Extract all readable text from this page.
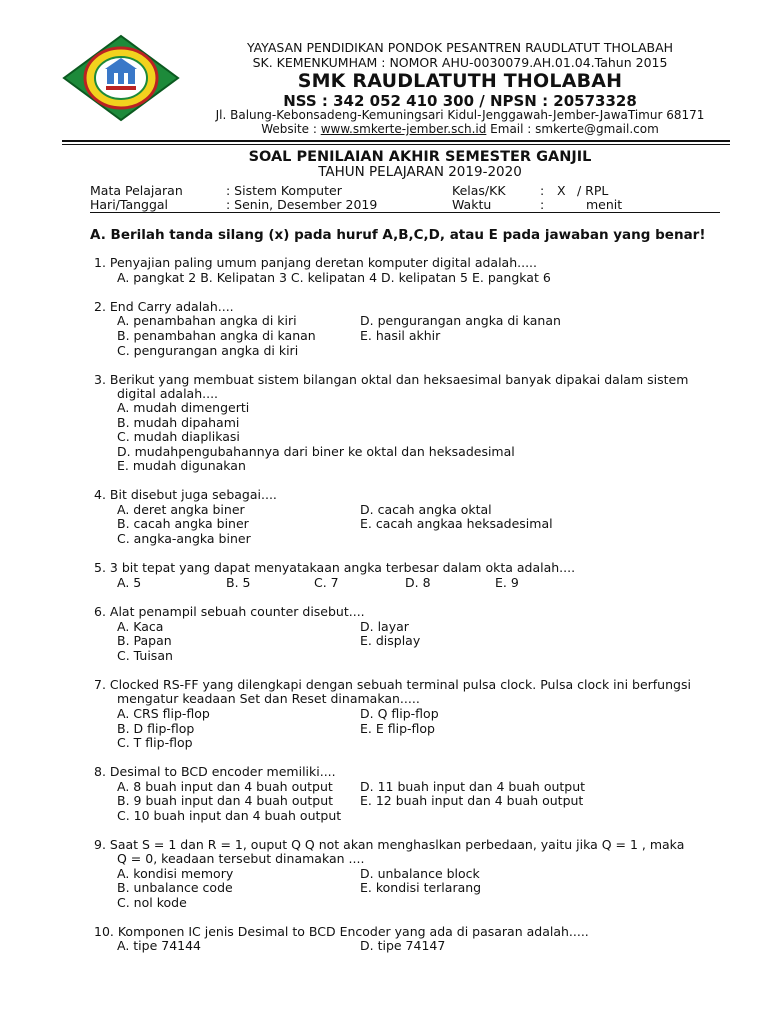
YAYASAN PENDIDIKAN PONDOK PESANTREN RAUDLATUT THOLABAH
SK. KEMENKUMHAM : NOMOR AHU-0030079.AH.01.04.Tahun 2015
SMK RAUDLATUTH THOLABAH
NSS : 342 052 410 300 / NPSN : 20573328
Jl. Balung-Kebonsadeng-Kemuningsari Kidul-Jenggawah-Jember-JawaTimur 68171
Website : www.smkerte-jember.sch.id Email : smkerte@gmail.com
SOAL PENILAIAN AKHIR SEMESTER GANJIL
TAHUN PELAJARAN 2019-2020
Mata Pelajaran	: Sistem Komputer	Kelas/KK	: X / RPL
Hari/Tanggal	: Senin, Desember 2019	Waktu	:	menit
A. Berilah tanda silang (x) pada huruf A,B,C,D, atau E pada jawaban yang benar!
1. Penyajian paling umum panjang deretan komputer digital adalah.....
A. pangkat 2 B. Kelipatan 3 C. kelipatan 4 D. kelipatan 5 E. pangkat 6
2. End Carry adalah....
A. penambahan angka di kiri	D. pengurangan angka di kanan
B. penambahan angka di kanan	E. hasil akhir
C. pengurangan angka di kiri
3. Berikut yang membuat sistem bilangan oktal dan heksaesimal banyak dipakai dalam sistem
digital adalah....
A. mudah dimengerti
B. mudah dipahami
C. mudah diaplikasi
D. mudahpengubahannya dari biner ke oktal dan heksadesimal
E. mudah digunakan
4. Bit disebut juga sebagai....
A. deret angka biner	D. cacah angka oktal
B. cacah angka biner	E. cacah angkaa heksadesimal
C. angka-angka biner
5. 3 bit tepat yang dapat menyatakaan angka terbesar dalam okta adalah....
A. 5	B. 5	C. 7	D. 8	E. 9
6. Alat penampil sebuah counter disebut....
A. Kaca	D. layar
B. Papan	E. display
C. Tuisan
7. Clocked RS-FF yang dilengkapi dengan sebuah terminal pulsa clock. Pulsa clock ini berfungsi
mengatur keadaan Set dan Reset dinamakan.....
A. CRS flip-flop	D. Q flip-flop
B. D flip-flop	E. E flip-flop
C. T flip-flop
8. Desimal to BCD encoder memiliki....
A. 8 buah input dan 4 buah output D. 11 buah input dan 4 buah output
B. 9 buah input dan 4 buah output E. 12 buah input dan 4 buah output
C. 10 buah input dan 4 buah output
9. Saat S = 1 dan R = 1, ouput Q Q not akan menghaslkan perbedaan, yaitu jika Q = 1 , maka
Q = 0, keadaan tersebut dinamakan ....
A. kondisi memory	D. unbalance block
B. unbalance code	E. kondisi terlarang
C. nol kode
10. Komponen IC jenis Desimal to BCD Encoder yang ada di pasaran adalah.....
A. tipe 74144	D. tipe 74147
